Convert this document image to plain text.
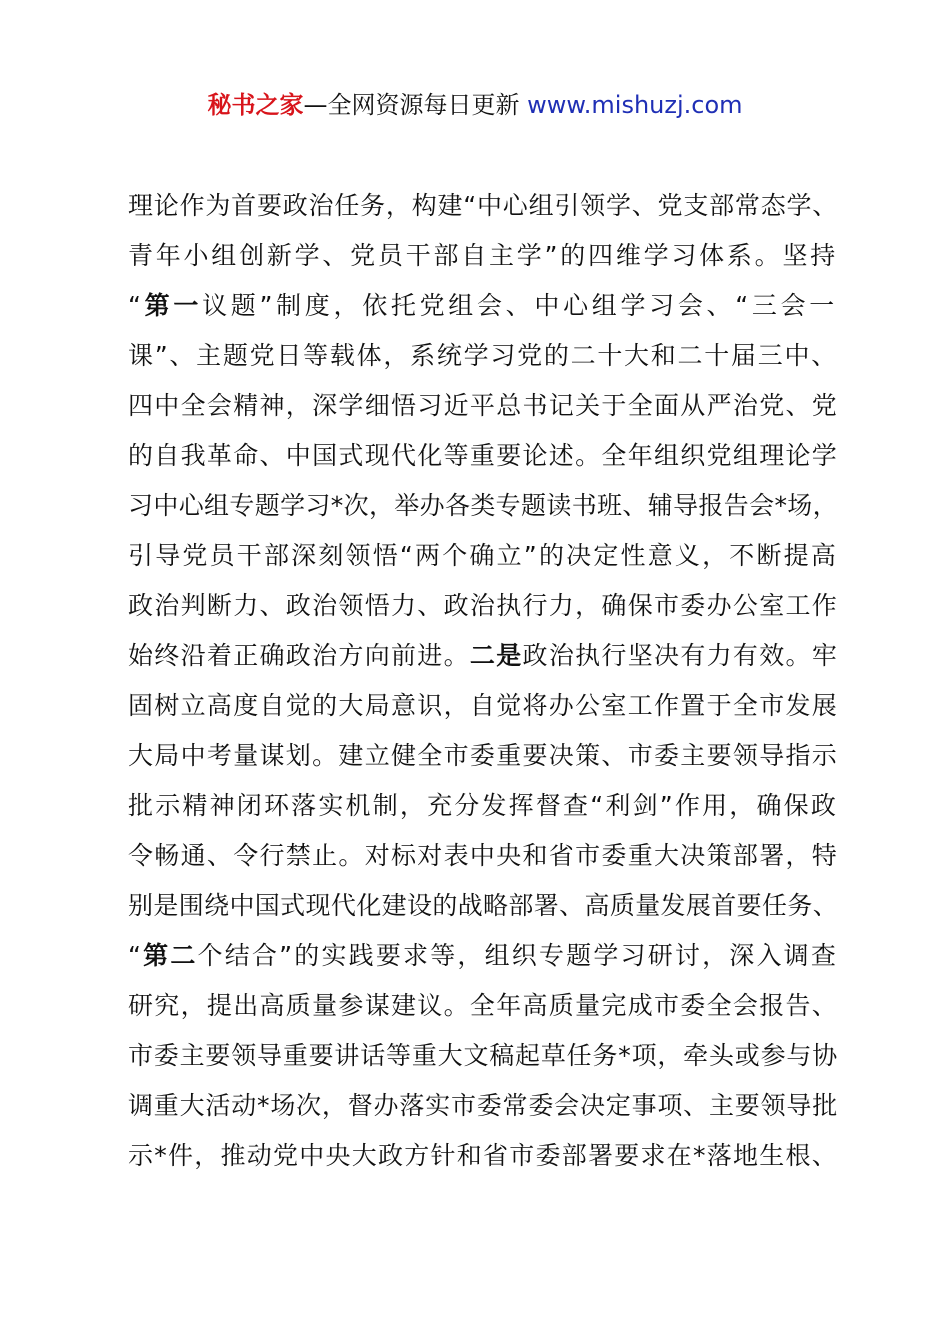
秘书之家—全网资源每日更新 www.mishuzj.com
理论作为首要政治任务，构建“中心组引领学、党支部常态学、
青年小组创新学、党员干部自主学”的四维学习体系。坚持
“第一议题”制度，依托党组会、中心组学习会、“三会一
课”、主题党日等载体，系统学习党的二十大和二十届三中、
四中全会精神，深学细悟习近平总书记关于全面从严治党、党
的自我革命、中国式现代化等重要论述。全年组织党组理论学
习中心组专题学习*次，举办各类专题读书班、辅导报告会*场，
引导党员干部深刻领悟“两个确立”的决定性意义，不断提高
政治判断力、政治领悟力、政治执行力，确保市委办公室工作
始终沿着正确政治方向前进。二是政治执行坚决有力有效。牢
固树立高度自觉的大局意识，自觉将办公室工作置于全市发展
大局中考量谋划。建立健全市委重要决策、市委主要领导指示
批示精神闭环落实机制，充分发挥督查“利剑”作用，确保政
令畅通、令行禁止。对标对表中央和省市委重大决策部署，特
别是围绕中国式现代化建设的战略部署、高质量发展首要任务、
“第二个结合”的实践要求等，组织专题学习研讨，深入调查
研究，提出高质量参谋建议。全年高质量完成市委全会报告、
市委主要领导重要讲话等重大文稿起草任务*项，牵头或参与协
调重大活动*场次，督办落实市委常委会决定事项、主要领导批
示*件，推动党中央大政方针和省市委部署要求在*落地生根、
